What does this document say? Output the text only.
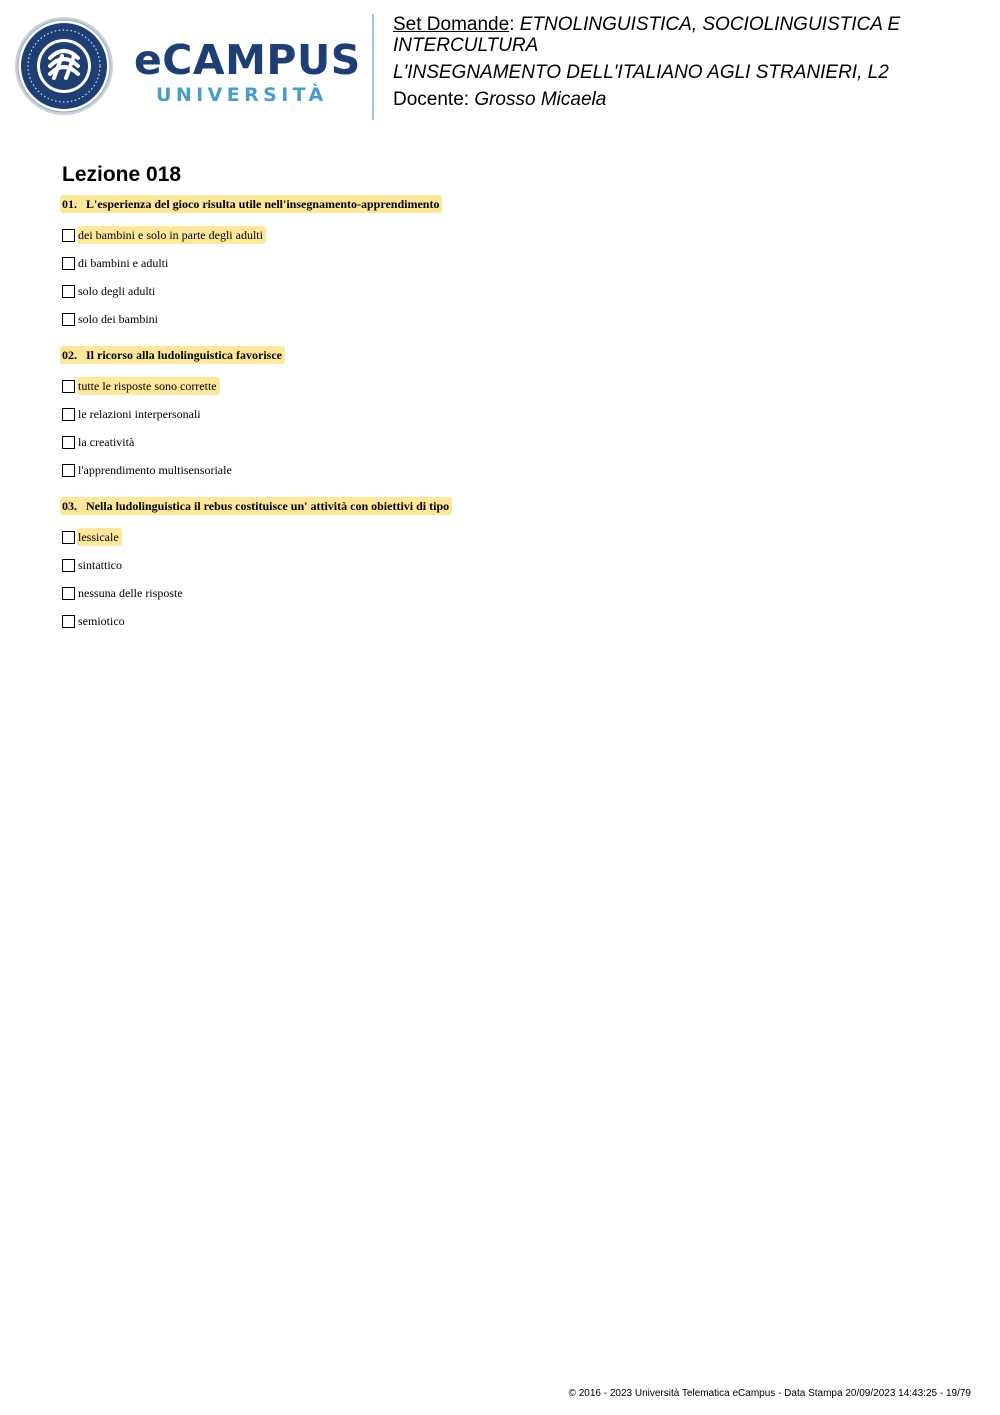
eCAMPUS
UNIVERSITÀ

Set Domande: ETNOLINGUISTICA, SOCIOLINGUISTICA E INTERCULTURA

L'INSEGNAMENTO DELL'ITALIANO AGLI STRANIERI, L2

Docente: Grosso Micaela

Lezione 018
01. L'esperienza del gioco risulta utile nell'insegnamento-apprendimento
dei bambini e solo in parte degli adulti
di bambini e adulti
solo degli adulti
solo dei bambini
02. Il ricorso alla ludolinguistica favorisce
tutte le risposte sono corrette
le relazioni interpersonali
la creatività
l'apprendimento multisensoriale
03. Nella ludolinguistica il rebus costituisce un' attività con obiettivi di tipo
lessicale
sintattico
nessuna delle risposte
semiotico
© 2016 - 2023 Università Telematica eCampus - Data Stampa 20/09/2023 14:43:25 - 19/79
